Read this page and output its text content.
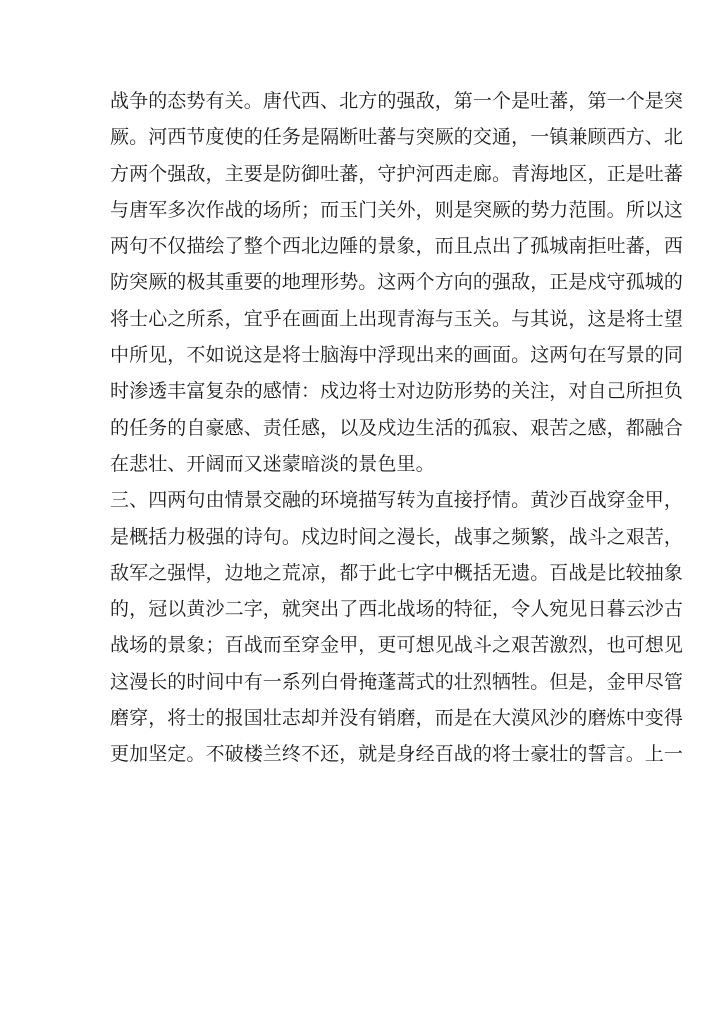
战争的态势有关。唐代西、北方的强敌，第一个是吐蕃，第一个是突
厥。河西节度使的任务是隔断吐蕃与突厥的交通，一镇兼顾西方、北
方两个强敌，主要是防御吐蕃，守护河西走廊。青海地区，正是吐蕃
与唐军多次作战的场所；而玉门关外，则是突厥的势力范围。所以这
两句不仅描绘了整个西北边陲的景象，而且点出了孤城南拒吐蕃，西
防突厥的极其重要的地理形势。这两个方向的强敌，正是戍守孤城的
将士心之所系，宜乎在画面上出现青海与玉关。与其说，这是将士望
中所见，不如说这是将士脑海中浮现出来的画面。这两句在写景的同
时渗透丰富复杂的感情：戍边将士对边防形势的关注，对自己所担负
的任务的自豪感、责任感，以及戍边生活的孤寂、艰苦之感，都融合
在悲壮、开阔而又迷蒙暗淡的景色里。
三、四两句由情景交融的环境描写转为直接抒情。黄沙百战穿金甲，
是概括力极强的诗句。戍边时间之漫长，战事之频繁，战斗之艰苦，
敌军之强悍，边地之荒凉，都于此七字中概括无遗。百战是比较抽象
的，冠以黄沙二字，就突出了西北战场的特征，令人宛见日暮云沙古
战场的景象；百战而至穿金甲，更可想见战斗之艰苦激烈，也可想见
这漫长的时间中有一系列白骨掩蓬蒿式的壮烈牺牲。但是，金甲尽管
磨穿，将士的报国壮志却并没有销磨，而是在大漠风沙的磨炼中变得
更加坚定。不破楼兰终不还，就是身经百战的将士豪壮的誓言。上一
